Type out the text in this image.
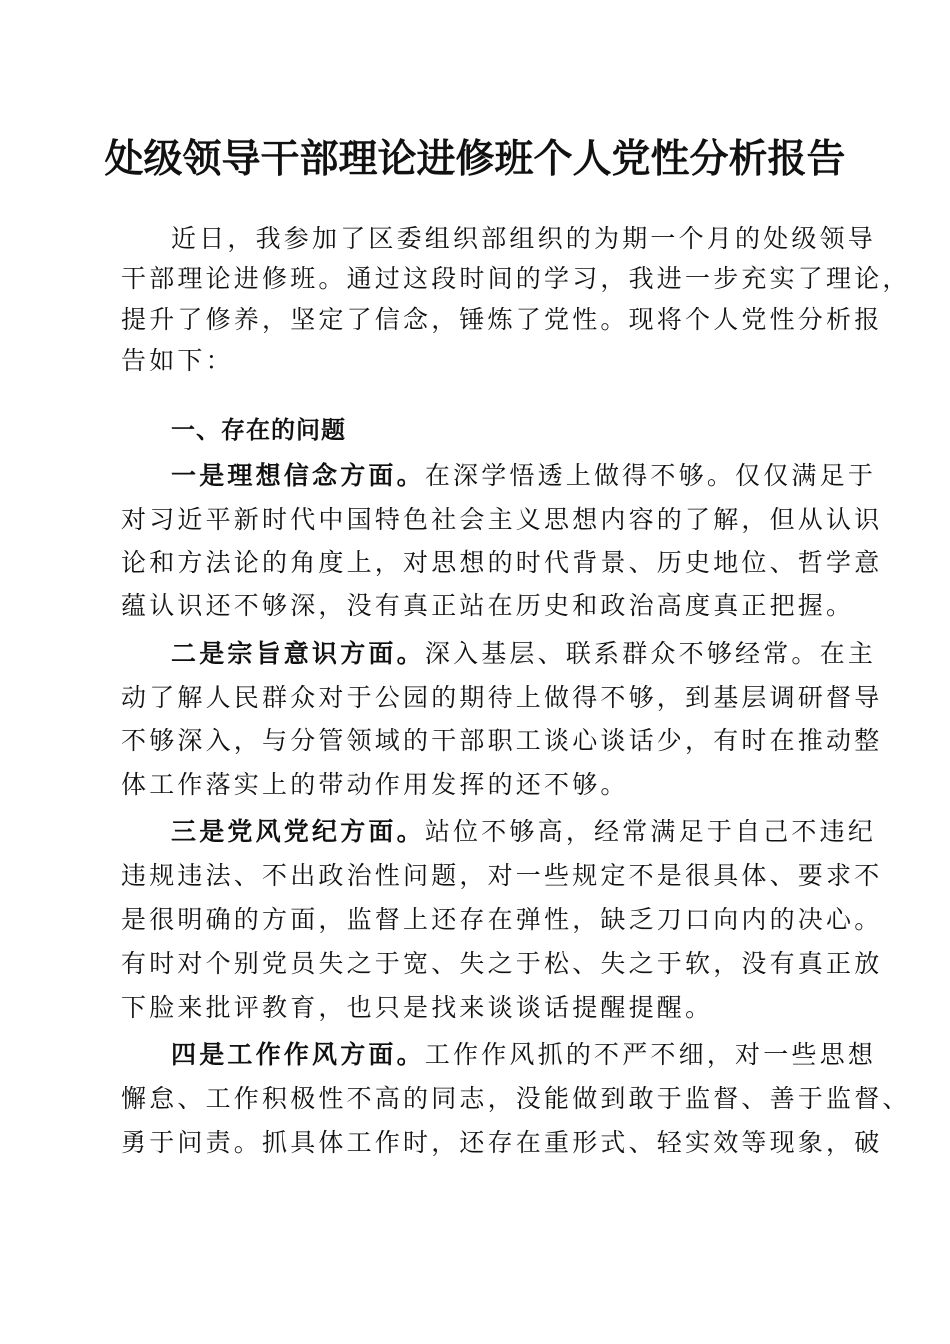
处级领导干部理论进修班个人党性分析报告
近日，我参加了区委组织部组织的为期一个月的处级领导
干部理论进修班。通过这段时间的学习，我进一步充实了理论，
提升了修养，坚定了信念，锤炼了党性。现将个人党性分析报
告如下：
一、存在的问题
一是理想信念方面。在深学悟透上做得不够。仅仅满足于
对习近平新时代中国特色社会主义思想内容的了解，但从认识
论和方法论的角度上，对思想的时代背景、历史地位、哲学意
蕴认识还不够深，没有真正站在历史和政治高度真正把握。
二是宗旨意识方面。深入基层、联系群众不够经常。在主
动了解人民群众对于公园的期待上做得不够，到基层调研督导
不够深入，与分管领域的干部职工谈心谈话少，有时在推动整
体工作落实上的带动作用发挥的还不够。
三是党风党纪方面。站位不够高，经常满足于自己不违纪
违规违法、不出政治性问题，对一些规定不是很具体、要求不
是很明确的方面，监督上还存在弹性，缺乏刀口向内的决心。
有时对个别党员失之于宽、失之于松、失之于软，没有真正放
下脸来批评教育，也只是找来谈谈话提醒提醒。
四是工作作风方面。工作作风抓的不严不细，对一些思想
懈怠、工作积极性不高的同志，没能做到敢于监督、善于监督、
勇于问责。抓具体工作时，还存在重形式、轻实效等现象，破
